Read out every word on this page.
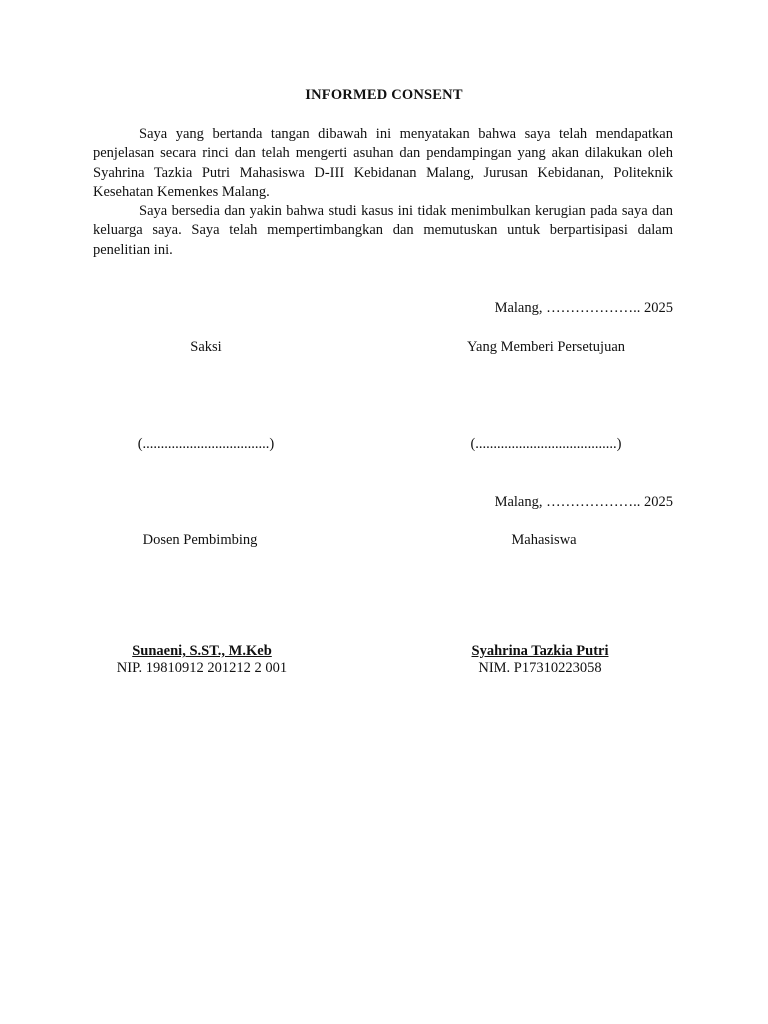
INFORMED CONSENT

Saya yang bertanda tangan dibawah ini menyatakan bahwa saya telah mendapatkan penjelasan secara rinci dan telah mengerti asuhan dan pendampingan yang akan dilakukan oleh Syahrina Tazkia Putri Mahasiswa D-III Kebidanan Malang, Jurusan Kebidanan, Politeknik Kesehatan Kemenkes Malang.

Saya bersedia dan yakin bahwa studi kasus ini tidak menimbulkan kerugian pada saya dan keluarga saya. Saya telah mempertimbangkan dan memutuskan untuk berpartisipasi dalam penelitian ini.

Malang, ……………….. 2025
Saksi	Yang Memberi Persetujuan
(...................................)	(.......................................)
Malang, ……………….. 2025
Dosen Pembimbing	Mahasiswa
Sunaeni, S.ST., M.Keb
NIP. 19810912 201212 2 001
Syahrina Tazkia Putri
NIM. P17310223058
